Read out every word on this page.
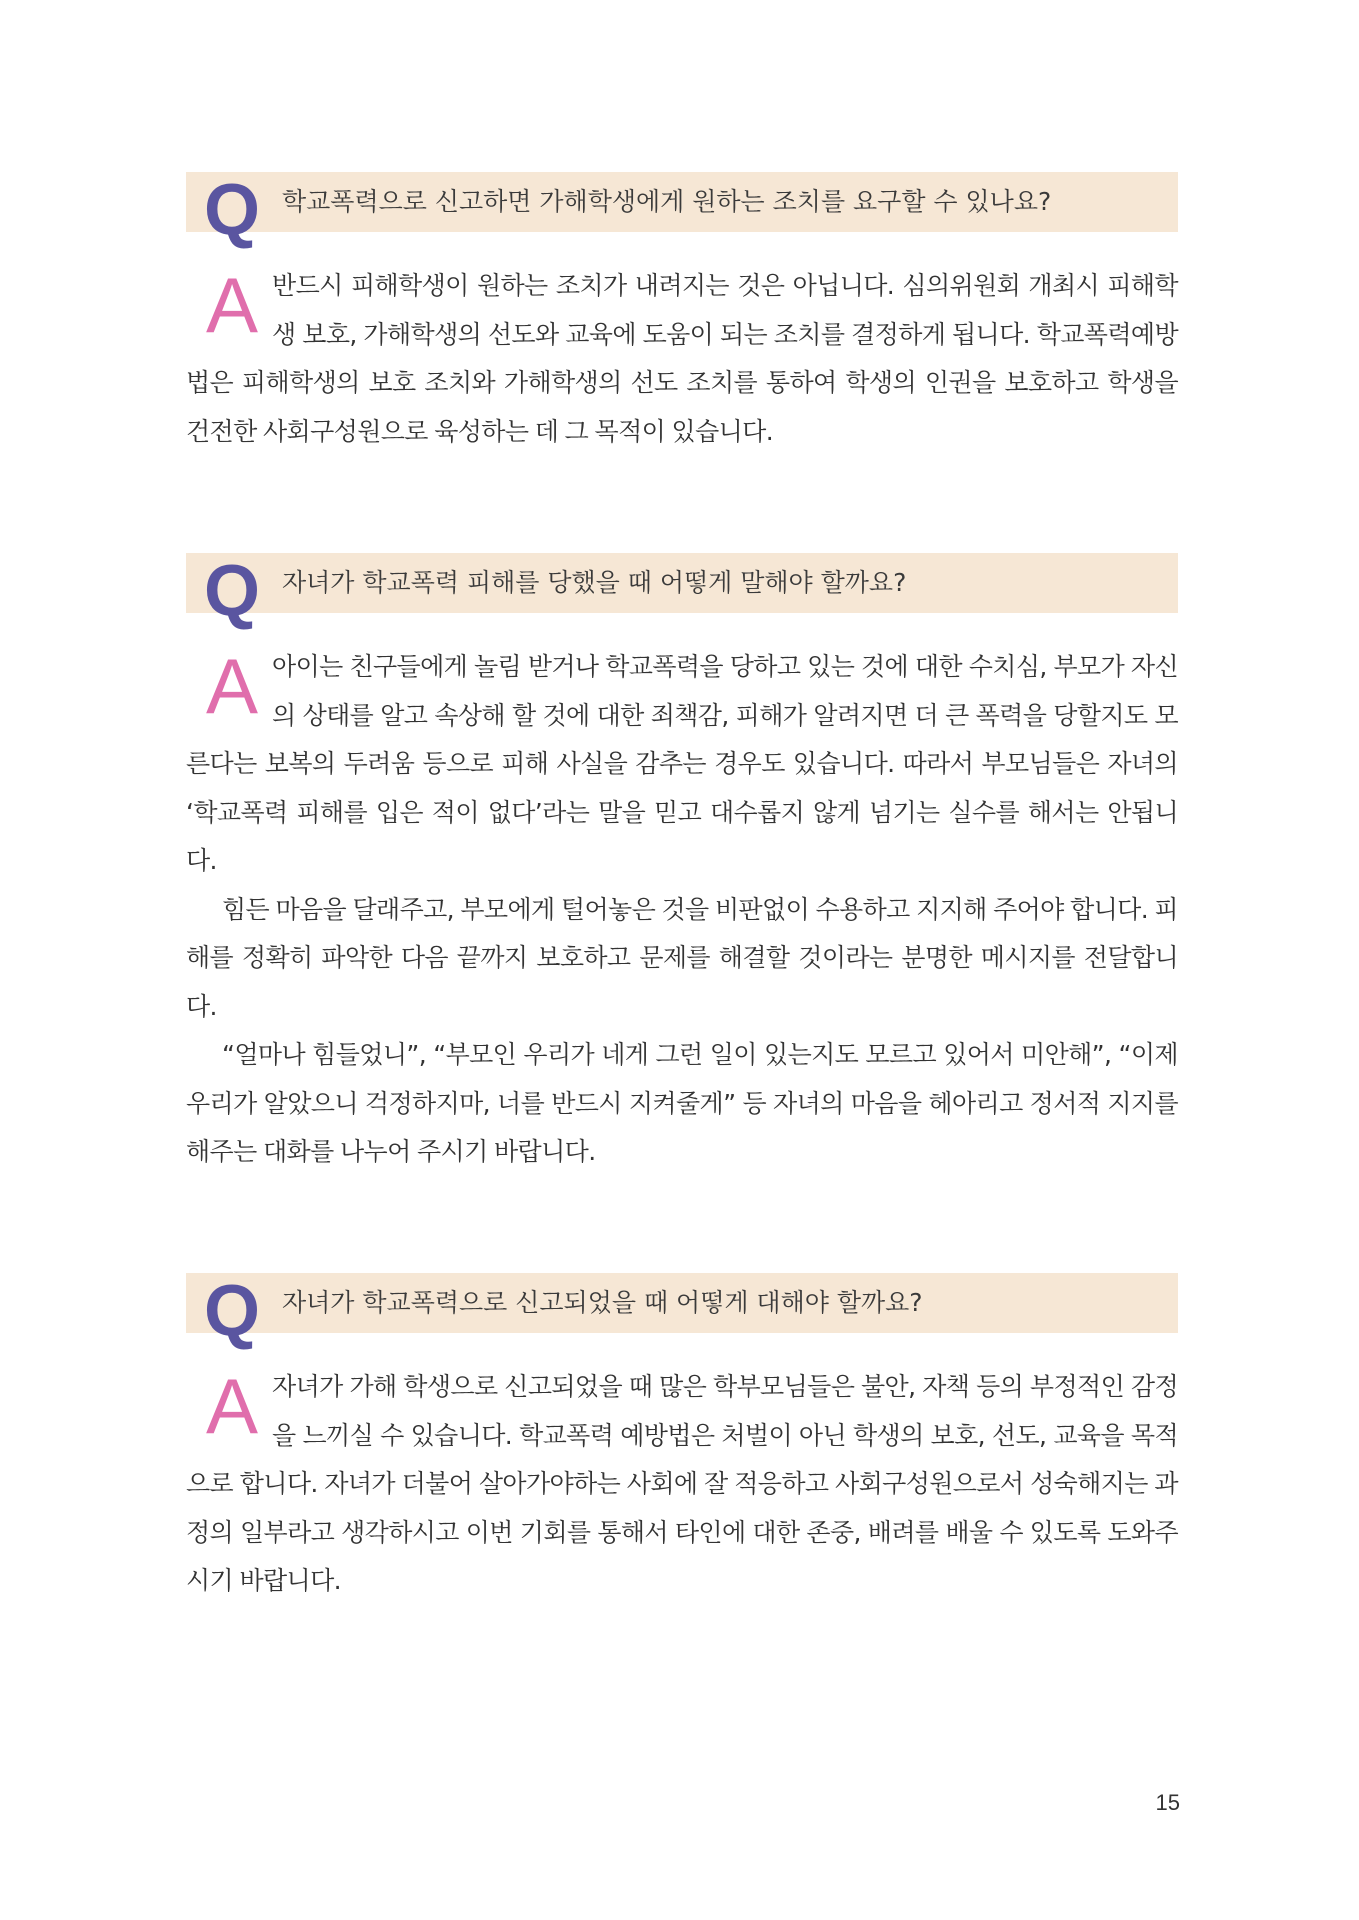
Q 학교폭력으로 신고하면 가해학생에게 원하는 조치를 요구할 수 있나요?
A 반드시 피해학생이 원하는 조치가 내려지는 것은 아닙니다. 심의위원회 개최시 피해학생 보호, 가해학생의 선도와 교육에 도움이 되는 조치를 결정하게 됩니다. 학교폭력예방법은 피해학생의 보호 조치와 가해학생의 선도 조치를 통하여 학생의 인권을 보호하고 학생을 건전한 사회구성원으로 육성하는 데 그 목적이 있습니다.

Q 자녀가 학교폭력 피해를 당했을 때 어떻게 말해야 할까요?
A 아이는 친구들에게 놀림 받거나 학교폭력을 당하고 있는 것에 대한 수치심, 부모가 자신의 상태를 알고 속상해 할 것에 대한 죄책감, 피해가 알려지면 더 큰 폭력을 당할지도 모른다는 보복의 두려움 등으로 피해 사실을 감추는 경우도 있습니다. 따라서 부모님들은 자녀의 ‘학교폭력 피해를 입은 적이 없다’라는 말을 믿고 대수롭지 않게 넘기는 실수를 해서는 안됩니다.

힘든 마음을 달래주고, 부모에게 털어놓은 것을 비판없이 수용하고 지지해 주어야 합니다. 피해를 정확히 파악한 다음 끝까지 보호하고 문제를 해결할 것이라는 분명한 메시지를 전달합니다.

“얼마나 힘들었니”, “부모인 우리가 네게 그런 일이 있는지도 모르고 있어서 미안해”, “이제 우리가 알았으니 걱정하지마, 너를 반드시 지켜줄게” 등 자녀의 마음을 헤아리고 정서적 지지를 해주는 대화를 나누어 주시기 바랍니다.

Q 자녀가 학교폭력으로 신고되었을 때 어떻게 대해야 할까요?
A 자녀가 가해 학생으로 신고되었을 때 많은 학부모님들은 불안, 자책 등의 부정적인 감정을 느끼실 수 있습니다. 학교폭력 예방법은 처벌이 아닌 학생의 보호, 선도, 교육을 목적으로 합니다. 자녀가 더불어 살아가야하는 사회에 잘 적응하고 사회구성원으로서 성숙해지는 과정의 일부라고 생각하시고 이번 기회를 통해서 타인에 대한 존중, 배려를 배울 수 있도록 도와주시기 바랍니다.

15
